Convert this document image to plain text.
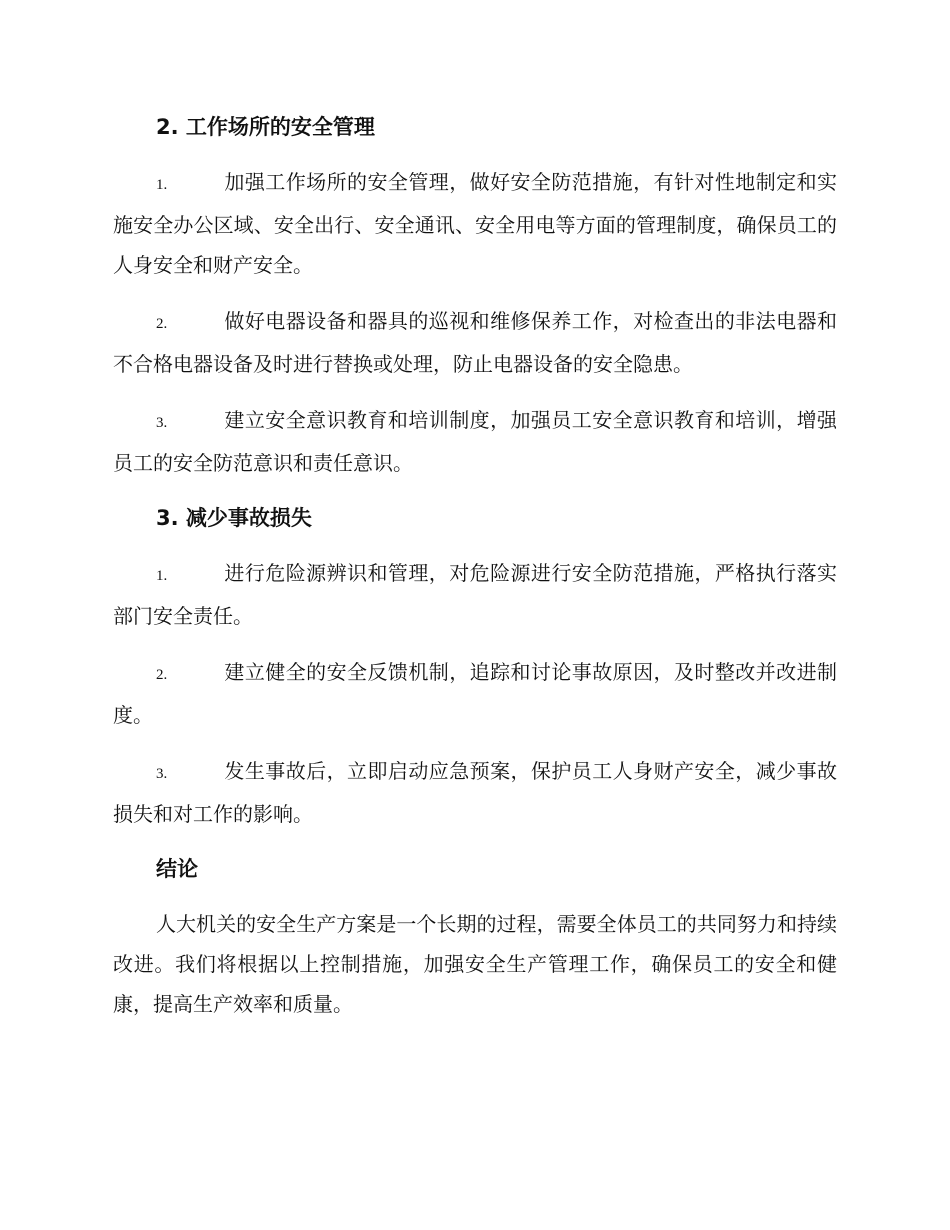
2. 工作场所的安全管理
1.	加强工作场所的安全管理，做好安全防范措施，有针对性地制定和实施安全办公区域、安全出行、安全通讯、安全用电等方面的管理制度，确保员工的人身安全和财产安全。
2.	做好电器设备和器具的巡视和维修保养工作，对检查出的非法电器和不合格电器设备及时进行替换或处理，防止电器设备的安全隐患。
3.	建立安全意识教育和培训制度，加强员工安全意识教育和培训，增强员工的安全防范意识和责任意识。
3. 减少事故损失
1.	进行危险源辨识和管理，对危险源进行安全防范措施，严格执行落实部门安全责任。
2.	建立健全的安全反馈机制，追踪和讨论事故原因，及时整改并改进制度。
3.	发生事故后，立即启动应急预案，保护员工人身财产安全，减少事故损失和对工作的影响。
结论

人大机关的安全生产方案是一个长期的过程，需要全体员工的共同努力和持续改进。我们将根据以上控制措施，加强安全生产管理工作，确保员工的安全和健康，提高生产效率和质量。
